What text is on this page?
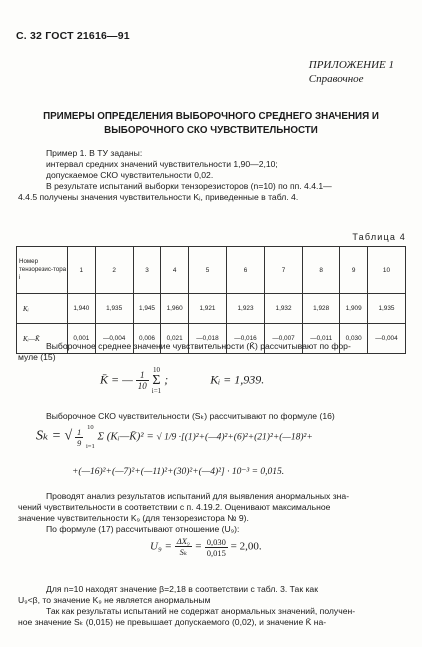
С. 32 ГОСТ 21616—91
ПРИЛОЖЕНИЕ 1
Справочное
ПРИМЕРЫ ОПРЕДЕЛЕНИЯ ВЫБОРОЧНОГО СРЕДНЕГО ЗНАЧЕНИЯ И ВЫБОРОЧНОГО СКО ЧУВСТВИТЕЛЬНОСТИ
Пример 1. В ТУ заданы:
интервал средних значений чувствительности 1,90—2,10;
допускаемое СКО чувствительности 0,02.
В результате испытаний выборки тензорезисторов (n=10) по пп. 4.4.1—
4.4.5 получены значения чувствительности Kᵢ, приведенные в табл. 4.
Таблица 4
Номер тензорезис-тора i	1	2	3	4	5	6	7	8	9	10
Kᵢ	1,940	1,935	1,945	1,960	1,921	1,923	1,932	1,928	1,909	1,935
Kᵢ—K̄	0,001	—0,004	0,006	0,021	—0,018	—0,016	—0,007	—0,011	0,030	—0,004
Выборочное среднее значение чувствительности (K̄) рассчитывают по фор-
муле (15)
K̄ = — $\frac{1}{10}$
10
Σ
i=1
;	Kᵢ = 1,939.
Выборочное СКО чувствительности (Sₖ) рассчитывают по формуле (16)
Sₖ = √ $\frac{1}{9}$
10
i=1
Σ (Kᵢ—K̄)² = √ 1/9 ·[(1)²+(—4)²+(6)²+(21)²+(—18)²+
+(—16)²+(—7)²+(—11)²+(30)²+(—4)²] · 10⁻³ = 0,015.
Проводят анализ результатов испытаний для выявления анормальных зна-
чений чувствительности в соответствии с п. 4.19.2. Оценивают максимальное
значение чувствительности K₉ (для тензорезистора № 9).
По формуле (17) рассчитывают отношение (U₉):
$U_9 = \frac{\text{ΔX₉}}{\text{Sₖ}} = \frac{0,030}{0,015} = 2,00$.
Для n=10 находят значение β=2,18 в соответствии с табл. 3. Так как
U₉<β, то значение K₉ не является анормальным
Так как результаты испытаний не содержат анормальных значений, получен-
ное значение Sₖ (0,015) не превышает допускаемого (0,02), и значение K̄ на-
